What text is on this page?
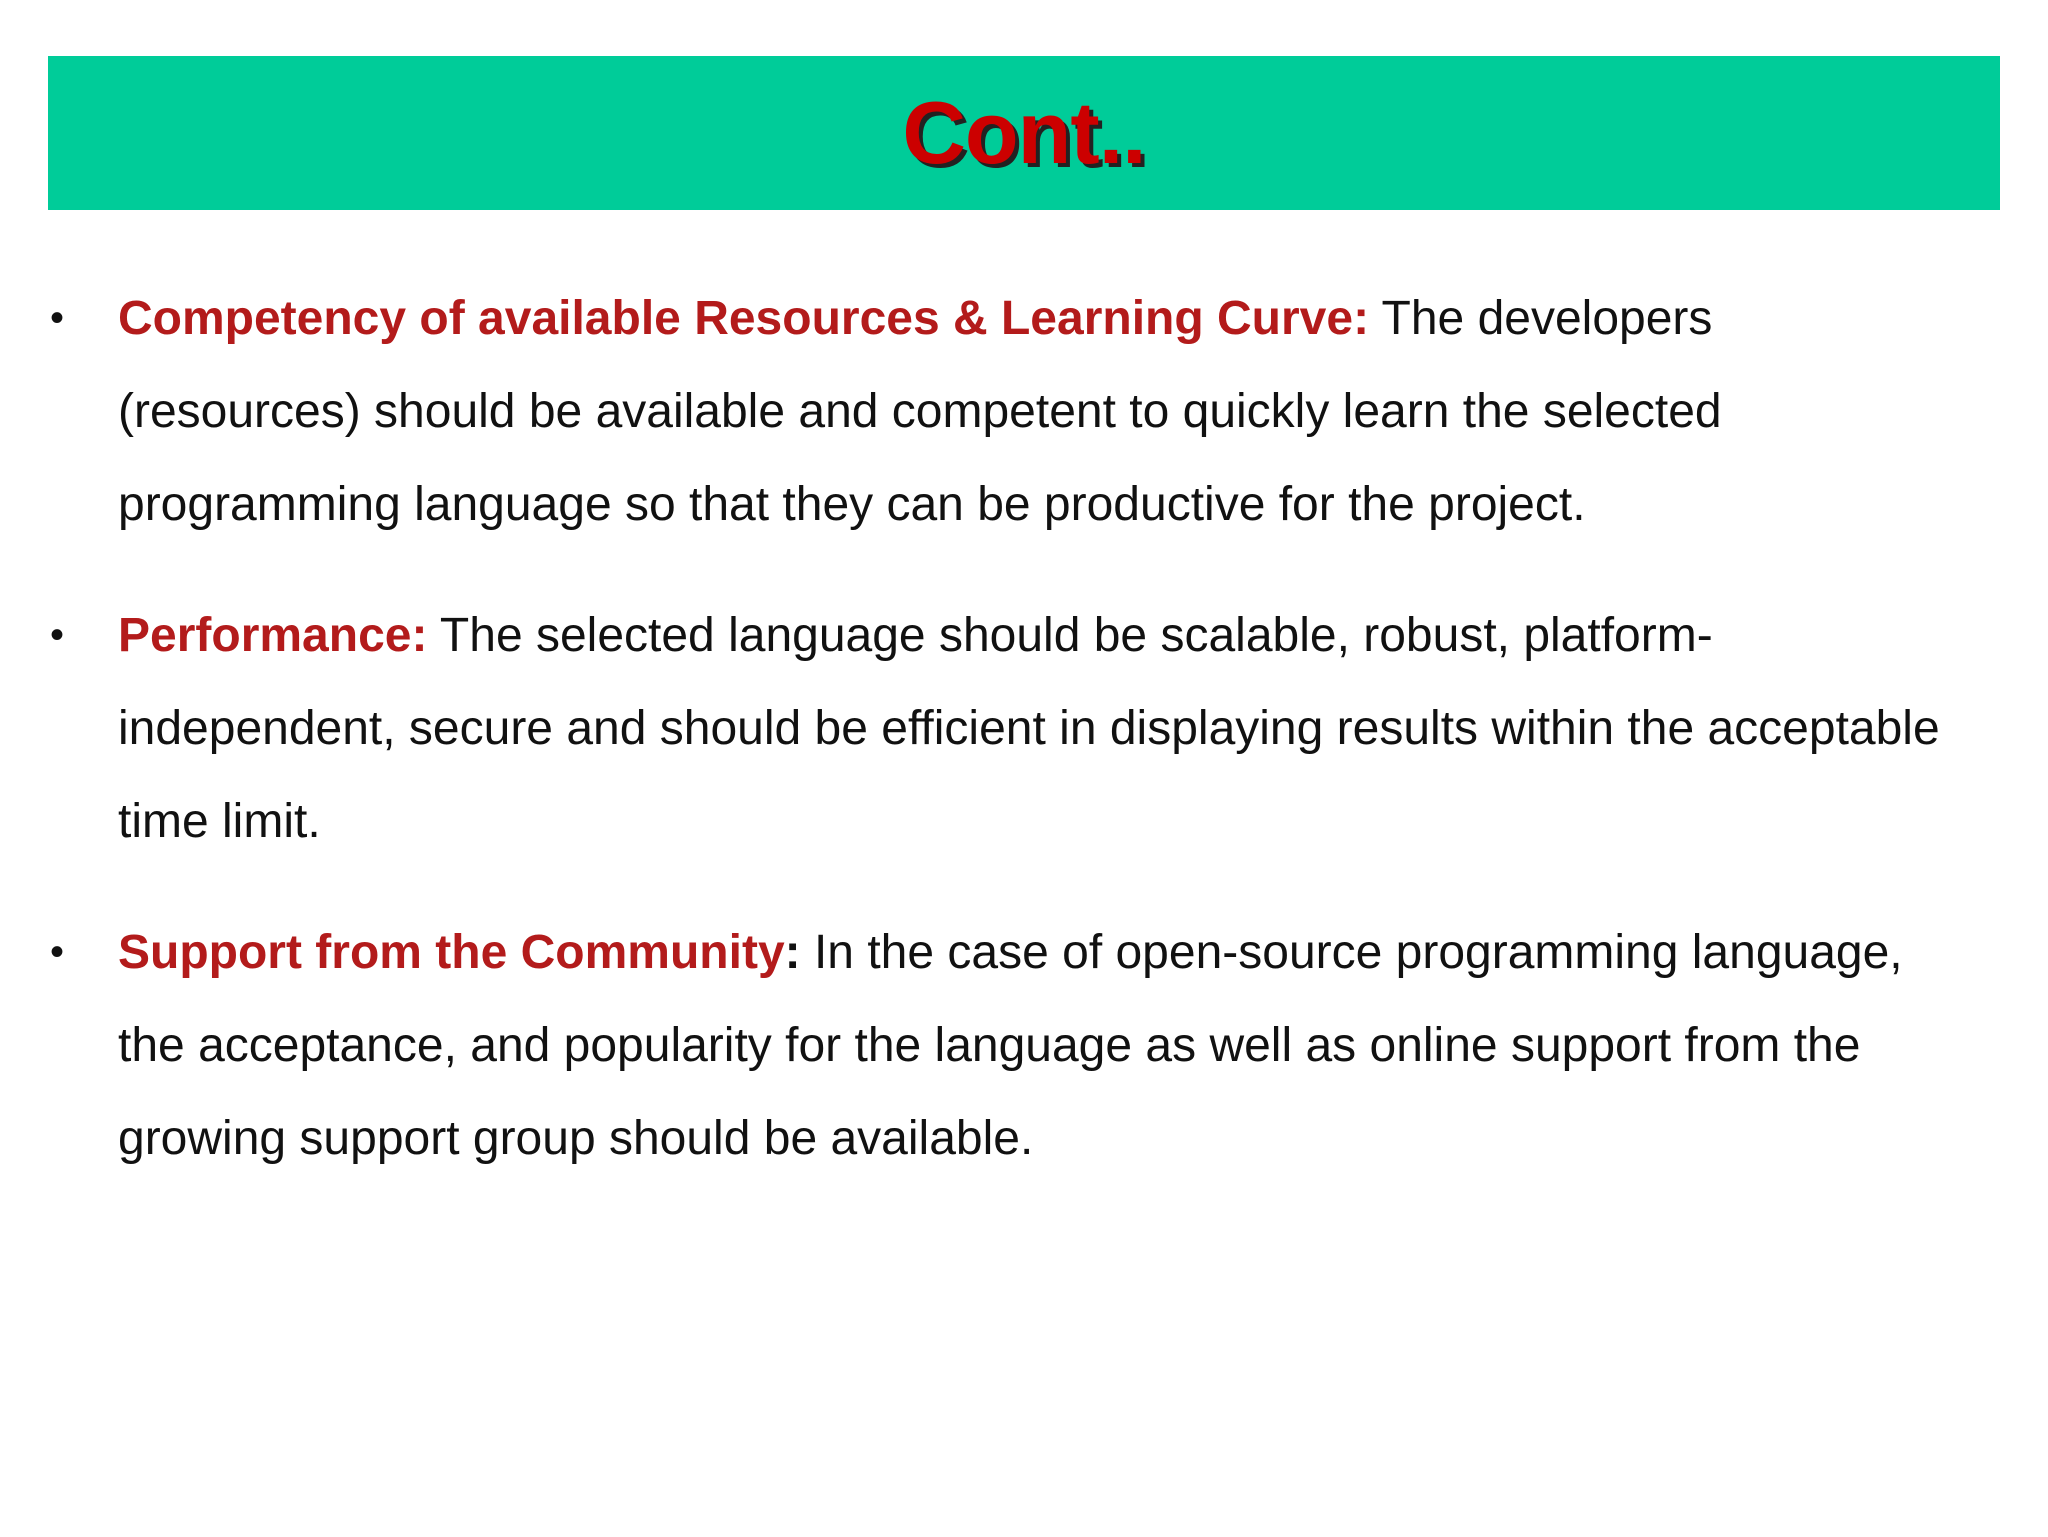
Cont..
• Competency of available Resources & Learning Curve: The developers (resources) should be available and competent to quickly learn the selected programming language so that they can be productive for the project.
• Performance: The selected language should be scalable, robust, platform-independent, secure and should be efficient in displaying results within the acceptable time limit.
• Support from the Community: In the case of open-source programming language, the acceptance, and popularity for the language as well as online support from the growing support group should be available.
